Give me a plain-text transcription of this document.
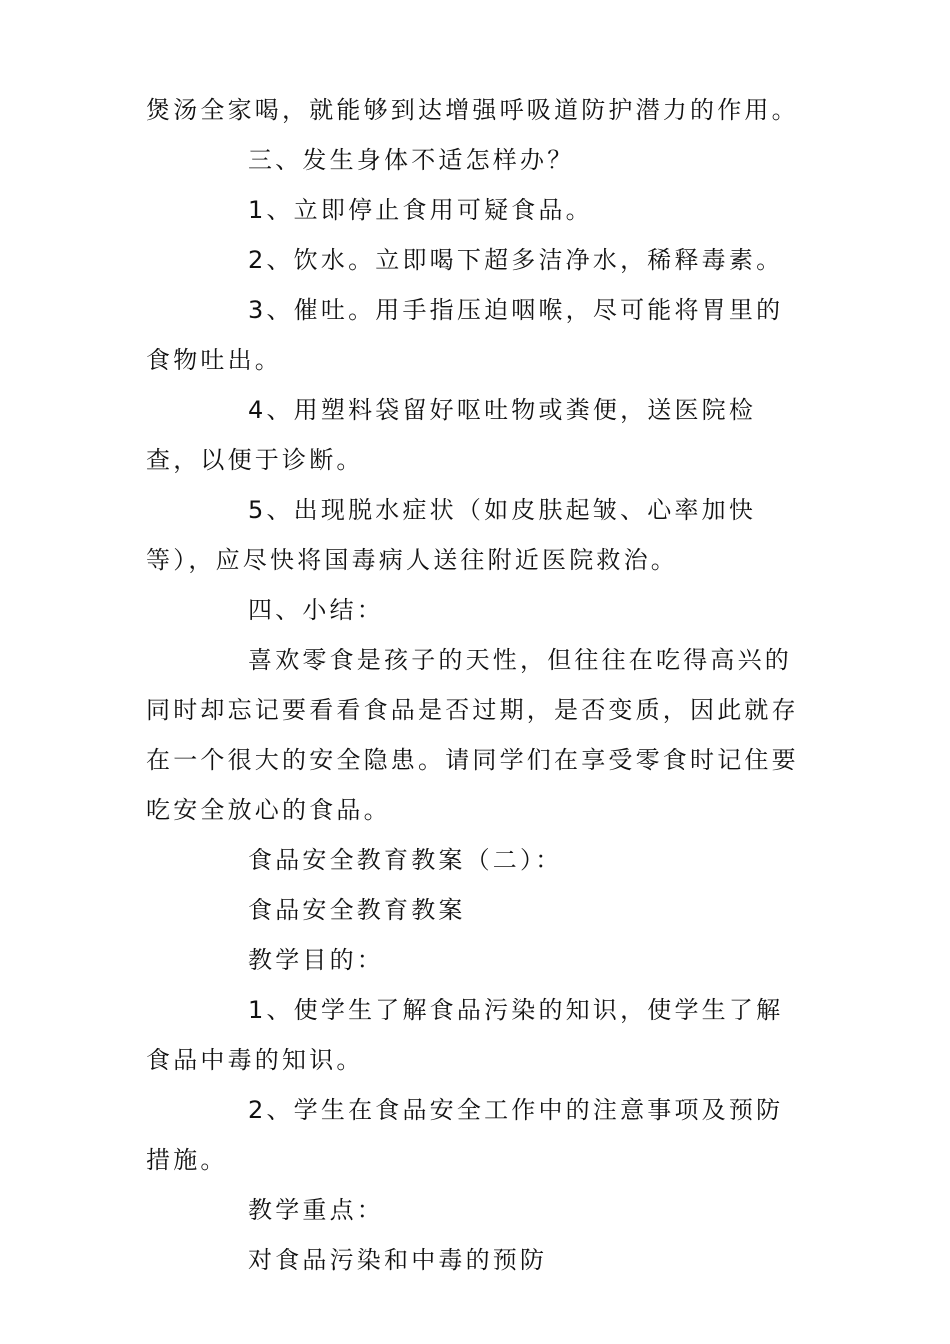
煲汤全家喝，就能够到达增强呼吸道防护潜力的作用。

三、发生身体不适怎样办？

1、立即停止食用可疑食品。

2、饮水。立即喝下超多洁净水，稀释毒素。

3、催吐。用手指压迫咽喉，尽可能将胃里的食物吐出。

4、用塑料袋留好呕吐物或粪便，送医院检查，以便于诊断。

5、出现脱水症状（如皮肤起皱、心率加快等），应尽快将国毒病人送往附近医院救治。

四、小结：

喜欢零食是孩子的天性，但往往在吃得高兴的同时却忘记要看看食品是否过期，是否变质，因此就存在一个很大的安全隐患。请同学们在享受零食时记住要吃安全放心的食品。

食品安全教育教案（二）：

食品安全教育教案

教学目的：

1、使学生了解食品污染的知识，使学生了解食品中毒的知识。

2、学生在食品安全工作中的注意事项及预防措施。

教学重点：

对食品污染和中毒的预防
